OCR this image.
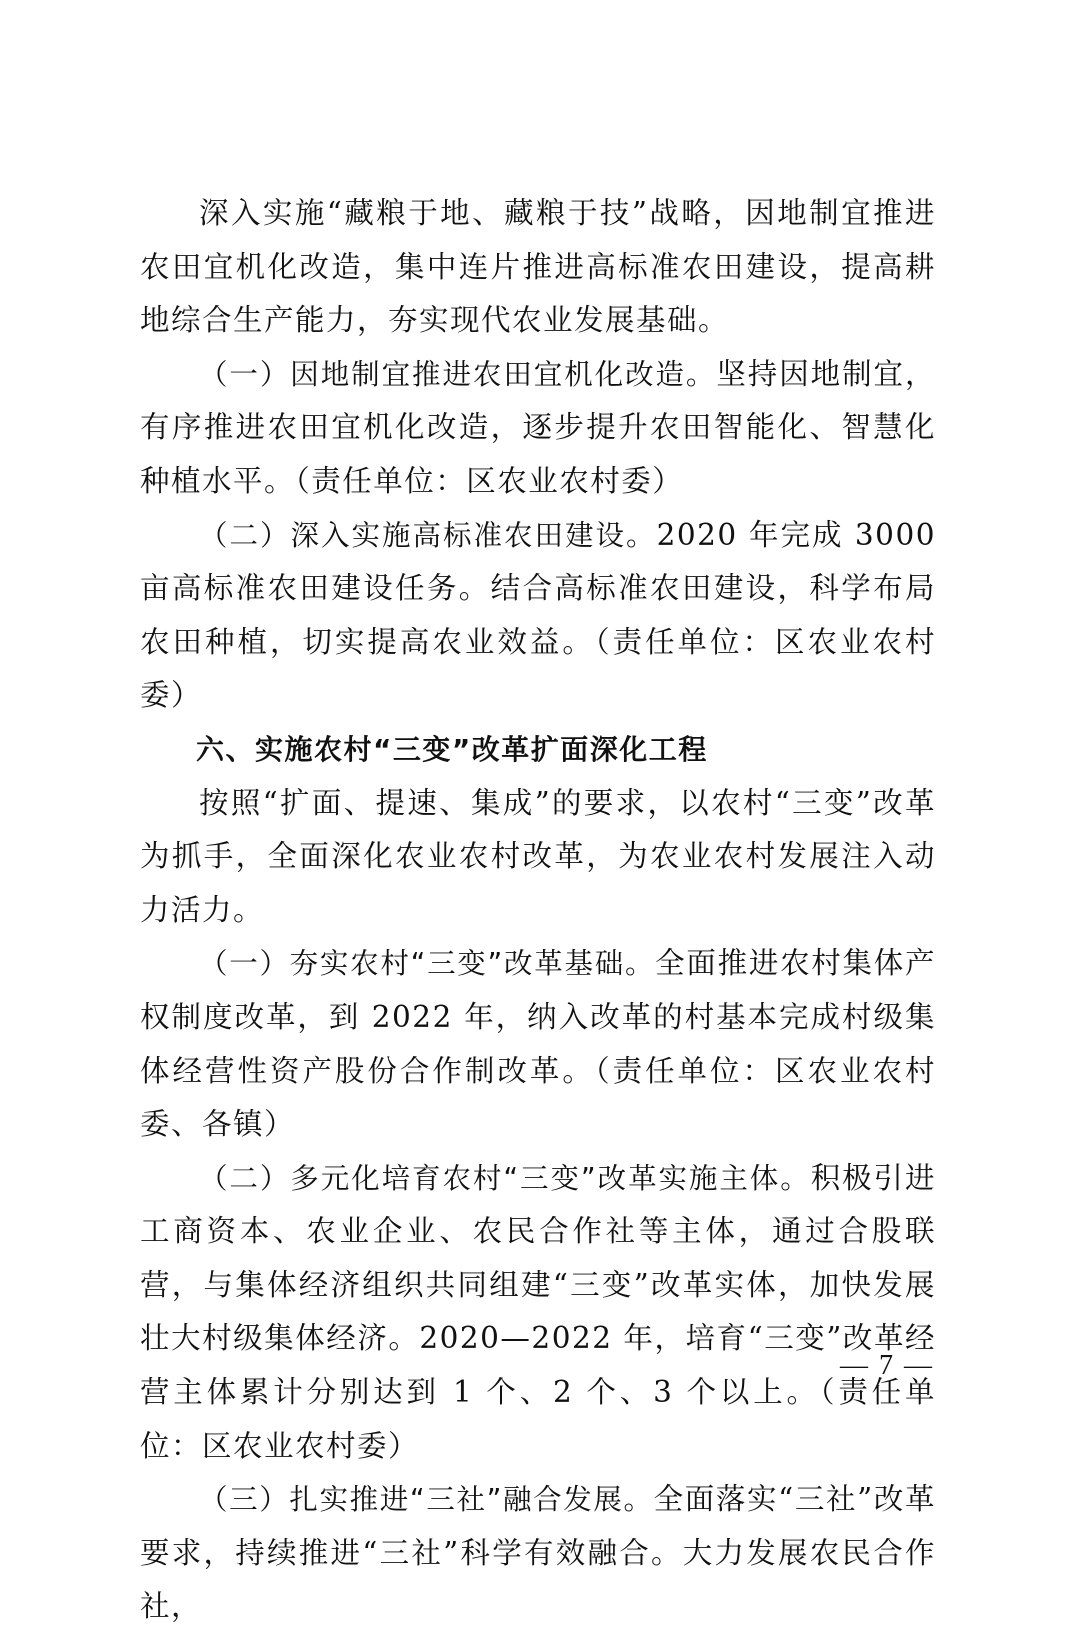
深入实施“藏粮于地、藏粮于技”战略，因地制宜推进农田宜机化改造，集中连片推进高标准农田建设，提高耕地综合生产能力，夯实现代农业发展基础。

（一）因地制宜推进农田宜机化改造。坚持因地制宜，有序推进农田宜机化改造，逐步提升农田智能化、智慧化种植水平。（责任单位：区农业农村委）

（二）深入实施高标准农田建设。2020 年完成 3000 亩高标准农田建设任务。结合高标准农田建设，科学布局农田种植，切实提高农业效益。（责任单位：区农业农村委）

六、实施农村“三变”改革扩面深化工程

按照“扩面、提速、集成”的要求，以农村“三变”改革为抓手，全面深化农业农村改革，为农业农村发展注入动力活力。

（一）夯实农村“三变”改革基础。全面推进农村集体产权制度改革，到 2022 年，纳入改革的村基本完成村级集体经营性资产股份合作制改革。（责任单位：区农业农村委、各镇）

（二）多元化培育农村“三变”改革实施主体。积极引进工商资本、农业企业、农民合作社等主体，通过合股联营，与集体经济组织共同组建“三变”改革实体，加快发展壮大村级集体经济。2020—2022 年，培育“三变”改革经营主体累计分别达到 1 个、2 个、3 个以上。（责任单位：区农业农村委）

（三）扎实推进“三社”融合发展。全面落实“三社”改革要求，持续推进“三社”科学有效融合。大力发展农民合作社，

— 7 —
